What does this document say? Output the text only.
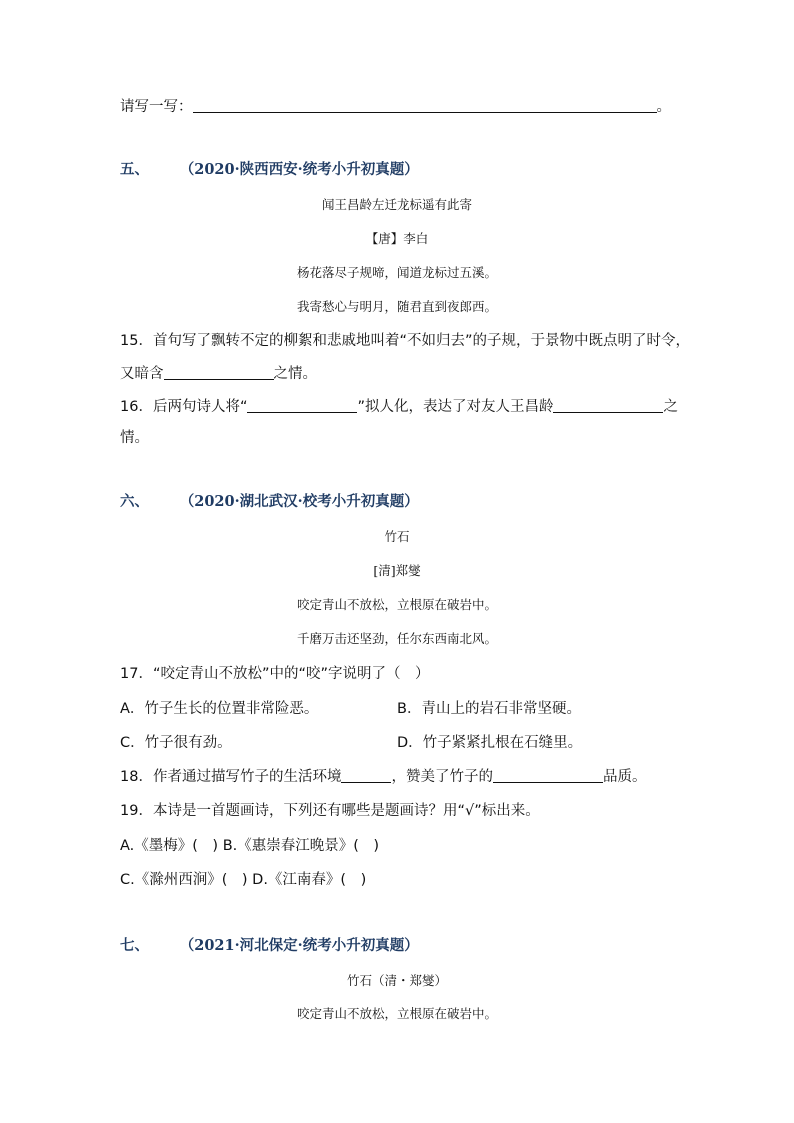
请写一写：	。
五、	（2020·陕西西安·统考小升初真题）
闻王昌龄左迁龙标遥有此寄
【唐】李白
杨花落尽子规啼，闻道龙标过五溪。
我寄愁心与明月，随君直到夜郎西。
15．首句写了飘转不定的柳絮和悲戚地叫着“不如归去”的子规，于景物中既点明了时令，
又暗含	之情。
16．后两句诗人将“	”拟人化，表达了对友人王昌龄	之
情。
六、	（2020·湖北武汉·校考小升初真题）
竹石
[清]郑燮
咬定青山不放松，立根原在破岩中。
千磨万击还坚劲，任尔东西南北风。
17．“咬定青山不放松”中的“咬”字说明了（　）
A．竹子生长的位置非常险恶。	B．青山上的岩石非常坚硬。
C．竹子很有劲。	D．竹子紧紧扎根在石缝里。
18．作者通过描写竹子的生活环境	，赞美了竹子的	品质。
19．本诗是一首题画诗，下列还有哪些是题画诗？用“√”标出来。
A.《墨梅》(　) B.《惠崇春江晚景》(　)
C.《滁州西涧》(　) D.《江南春》(　)
七、	（2021·河北保定·统考小升初真题）
竹石（清・郑燮）
咬定青山不放松，立根原在破岩中。
